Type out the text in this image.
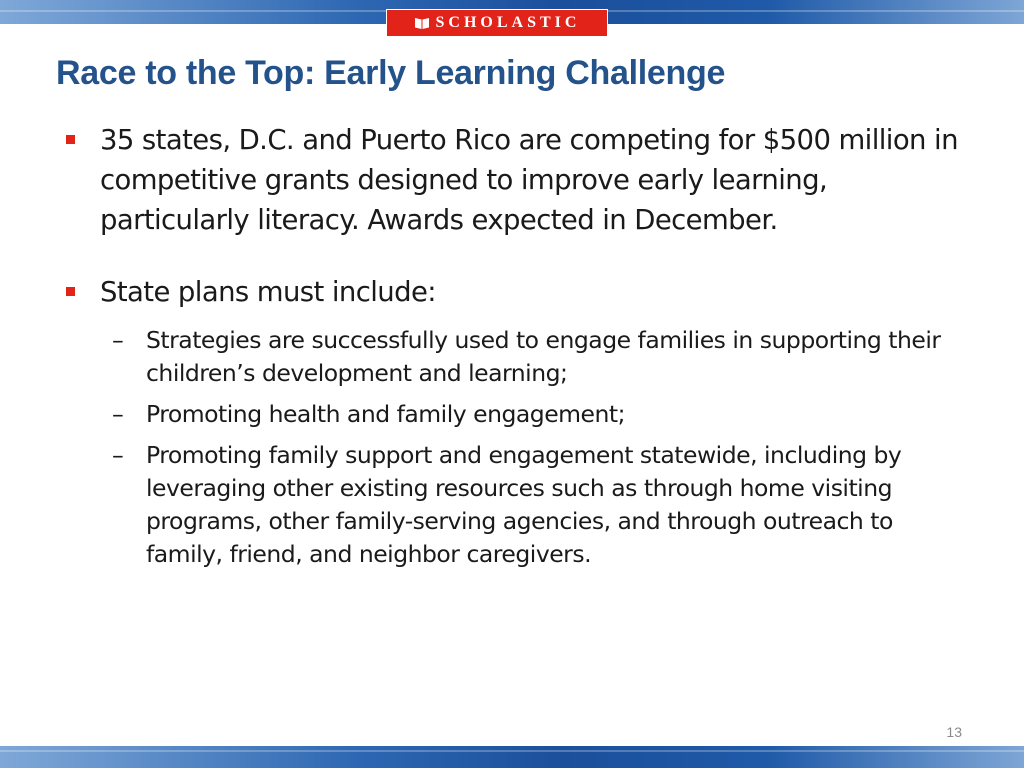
SCHOLASTIC
Race to the Top: Early Learning Challenge
35 states, D.C. and Puerto Rico are competing for $500 million in competitive grants designed to improve early learning, particularly literacy. Awards expected in December.
State plans must include:
– Strategies are successfully used to engage families in supporting their children’s development and learning;
– Promoting health and family engagement;
– Promoting family support and engagement statewide, including by leveraging other existing resources such as through home visiting programs, other family-serving agencies, and through outreach to family, friend, and neighbor caregivers.
13
